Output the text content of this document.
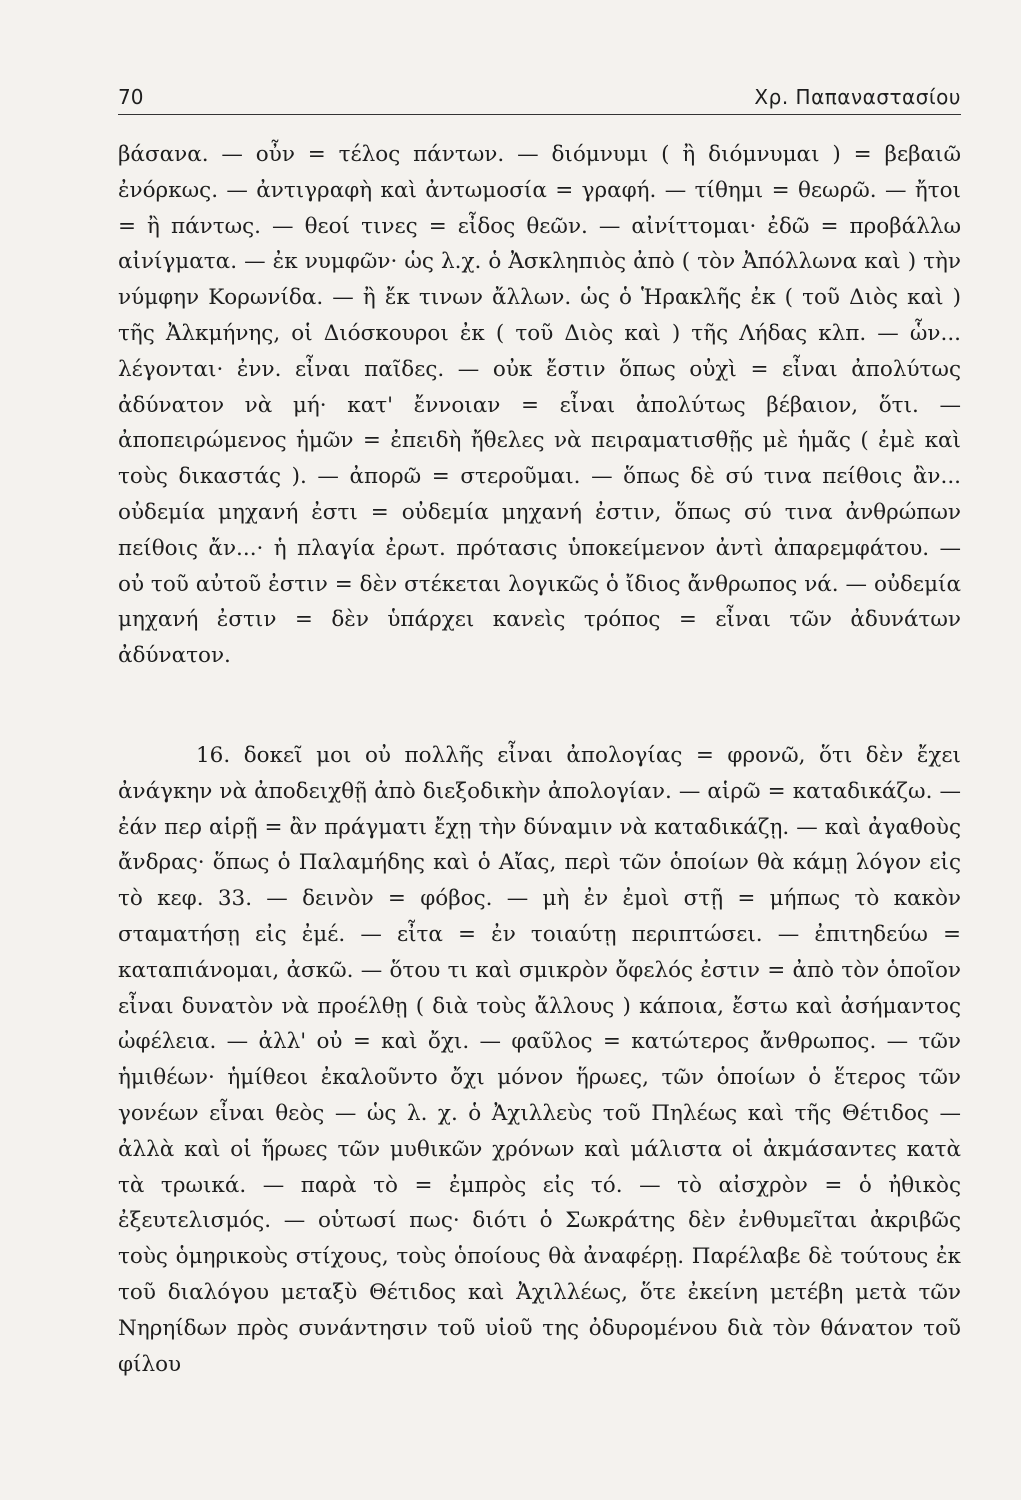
70	Χρ. Παπαναστασίου

βάσανα. — οὖν = τέλος πάντων. — διόμνυμι ( ἢ διόμνυμαι ) = βεβαιῶ ἐνόρκως. — ἀντιγραφὴ καὶ ἀντωμοσία = γραφή. — τίθημι = θεωρῶ. — ἤτοι = ἢ πάντως. — θεοί τινες = εἶδος θεῶν. — αἰνίττομαι· ἐδῶ = προβάλλω αἰνίγματα. — ἐκ νυμφῶν· ὡς λ.χ. ὁ Ἀσκληπιὸς ἀπὸ ( τὸν Ἀπόλλωνα καὶ ) τὴν νύμφην Κορωνίδα. — ἢ ἔκ τινων ἄλλων. ὡς ὁ Ἡρακλῆς ἐκ ( τοῦ Διὸς καὶ ) τῆς Ἀλκμήνης, οἱ Διόσκουροι ἐκ ( τοῦ Διὸς καὶ ) τῆς Λήδας κλπ. — ὧν... λέγονται· ἐνν. εἶναι παῖδες. — οὐκ ἔστιν ὅπως οὐχὶ = εἶναι ἀπολύτως ἀδύνατον νὰ μή· κατ' ἔννοιαν = εἶναι ἀπολύτως βέβαιον, ὅτι. — ἀποπειρώμενος ἡμῶν = ἐπειδὴ ἤθελες νὰ πειραματισθῇς μὲ ἡμᾶς ( ἐμὲ καὶ τοὺς δικαστάς ). — ἀπορῶ = στεροῦμαι. — ὅπως δὲ σύ τινα πείθοις ἂν... οὐδεμία μηχανή ἐστι = οὐδεμία μηχανή ἐστιν, ὅπως σύ τινα ἀνθρώπων πείθοις ἄν...· ἡ πλαγία ἐρωτ. πρότασις ὑποκείμενον ἀντὶ ἀπαρεμφάτου. — οὐ τοῦ αὐτοῦ ἐστιν = δὲν στέκεται λογικῶς ὁ ἴδιος ἄνθρωπος νά. — οὐδεμία μηχανή ἐστιν = δὲν ὑπάρχει κανεὶς τρόπος = εἶναι τῶν ἀδυνάτων ἀδύνατον.

16. δοκεῖ μοι οὐ πολλῆς εἶναι ἀπολογίας = φρονῶ, ὅτι δὲν ἔχει ἀνάγκην νὰ ἀποδειχθῇ ἀπὸ διεξοδικὴν ἀπολογίαν. — αἱρῶ = καταδικάζω. — ἐάν περ αἱρῇ = ἂν πράγματι ἔχῃ τὴν δύναμιν νὰ καταδικάζῃ. — καὶ ἀγαθοὺς ἄνδρας· ὅπως ὁ Παλαμήδης καὶ ὁ Αἴας, περὶ τῶν ὁποίων θὰ κάμῃ λόγον εἰς τὸ κεφ. 33. — δεινὸν = φόβος. — μὴ ἐν ἐμοὶ στῇ = μήπως τὸ κακὸν σταματήσῃ εἰς ἐμέ. — εἶτα = ἐν τοιαύτῃ περιπτώσει. — ἐπιτηδεύω = καταπιάνομαι, ἀσκῶ. — ὅτου τι καὶ σμικρὸν ὄφελός ἐστιν = ἀπὸ τὸν ὁποῖον εἶναι δυνατὸν νὰ προέλθῃ ( διὰ τοὺς ἄλλους ) κάποια, ἔστω καὶ ἀσήμαντος ὠφέλεια. — ἀλλ' οὐ = καὶ ὄχι. — φαῦλος = κατώτερος ἄνθρωπος. — τῶν ἡμιθέων· ἡμίθεοι ἐκαλοῦντο ὄχι μόνον ἥρωες, τῶν ὁποίων ὁ ἕτερος τῶν γονέων εἶναι θεὸς — ὡς λ. χ. ὁ Ἀχιλλεὺς τοῦ Πηλέως καὶ τῆς Θέτιδος — ἀλλὰ καὶ οἱ ἥρωες τῶν μυθικῶν χρόνων καὶ μάλιστα οἱ ἀκμάσαντες κατὰ τὰ τρωικά. — παρὰ τὸ = ἐμπρὸς εἰς τό. — τὸ αἰσχρὸν = ὁ ἠθικὸς ἐξευτελισμός. — οὑτωσί πως· διότι ὁ Σωκράτης δὲν ἐνθυμεῖται ἀκριβῶς τοὺς ὁμηρικοὺς στίχους, τοὺς ὁποίους θὰ ἀναφέρῃ. Παρέλαβε δὲ τούτους ἐκ τοῦ διαλόγου μεταξὺ Θέτιδος καὶ Ἀχιλλέως, ὅτε ἐκείνη μετέβη μετὰ τῶν Νηρηίδων πρὸς συνάντησιν τοῦ υἱοῦ της ὀδυρομένου διὰ τὸν θάνατον τοῦ φίλου
